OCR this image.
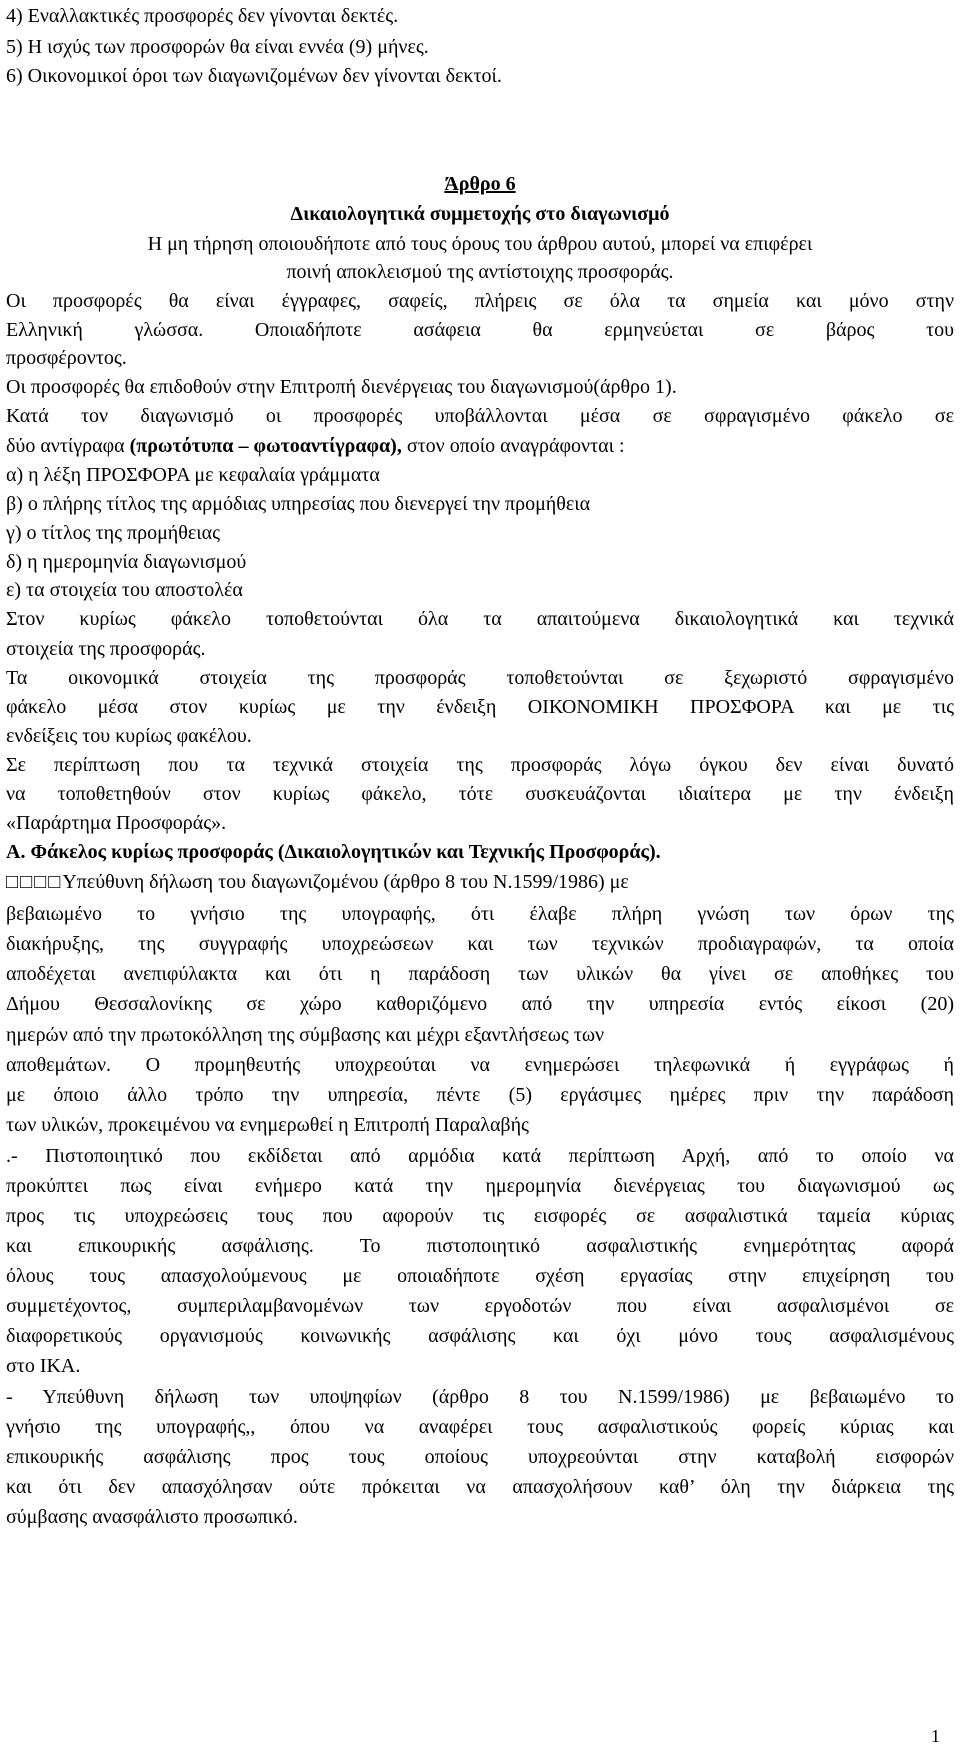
4) Εναλλακτικές προσφορές δεν γίνονται δεκτές.
5) Η ισχύς των προσφορών θα είναι εννέα (9) μήνες.
6) Οικονομικοί όροι των διαγωνιζομένων δεν γίνονται δεκτοί.
Άρθρο 6
Δικαιολογητικά συμμετοχής στο διαγωνισμό
Η μη τήρηση οποιουδήποτε από τους όρους του άρθρου αυτού, μπορεί να επιφέρει
ποινή αποκλεισμού της αντίστοιχης προσφοράς.
Οι προσφορές θα είναι έγγραφες, σαφείς, πλήρεις σε όλα τα σημεία και μόνο στην
Ελληνική γλώσσα. Οποιαδήποτε ασάφεια θα ερμηνεύεται σε βάρος του
προσφέροντος.
Οι προσφορές θα επιδοθούν στην Επιτροπή διενέργειας του διαγωνισμού(άρθρο 1).
Κατά τον διαγωνισμό οι προσφορές υποβάλλονται μέσα σε σφραγισμένο φάκελο σε
δύο αντίγραφα (πρωτότυπα – φωτοαντίγραφα), στον οποίο αναγράφονται :
α) η λέξη ΠΡΟΣΦΟΡΑ με κεφαλαία γράμματα
β) ο πλήρης τίτλος της αρμόδιας υπηρεσίας που διενεργεί την προμήθεια
γ) ο τίτλος της προμήθειας
δ) η ημερομηνία διαγωνισμού
ε) τα στοιχεία του αποστολέα
Στον κυρίως φάκελο τοποθετούνται όλα τα απαιτούμενα δικαιολογητικά και τεχνικά
στοιχεία της προσφοράς.
Τα οικονομικά στοιχεία της προσφοράς τοποθετούνται σε ξεχωριστό σφραγισμένο
φάκελο μέσα στον κυρίως με την ένδειξη ΟΙΚΟΝΟΜΙΚΗ ΠΡΟΣΦΟΡΑ και με τις
ενδείξεις του κυρίως φακέλου.
Σε περίπτωση που τα τεχνικά στοιχεία της προσφοράς λόγω όγκου δεν είναι δυνατό
να τοποθετηθούν στον κυρίως φάκελο, τότε συσκευάζονται ιδιαίτερα με την ένδειξη
«Παράρτημα Προσφοράς».
Α. Φάκελος κυρίως προσφοράς (Δικαιολογητικών και Τεχνικής Προσφοράς).
□□□□Υπεύθυνη δήλωση του διαγωνιζομένου (άρθρο 8 του Ν.1599/1986) με
βεβαιωμένο το γνήσιο της υπογραφής, ότι έλαβε πλήρη γνώση των όρων της
διακήρυξης, της συγγραφής υποχρεώσεων και των τεχνικών προδιαγραφών, τα οποία
αποδέχεται ανεπιφύλακτα και ότι η παράδοση των υλικών θα γίνει σε αποθήκες του
Δήμου Θεσσαλονίκης σε χώρο καθοριζόμενο από την υπηρεσία εντός είκοσι (20)
ημερών από την πρωτοκόλληση της σύμβασης και μέχρι εξαντλήσεως των
αποθεμάτων. Ο προμηθευτής υποχρεούται να ενημερώσει τηλεφωνικά ή εγγράφως ή
με όποιο άλλο τρόπο την υπηρεσία, πέντε (5) εργάσιμες ημέρες πριν την παράδοση
των υλικών, προκειμένου να ενημερωθεί η Επιτροπή Παραλαβής
.- Πιστοποιητικό που εκδίδεται από αρμόδια κατά περίπτωση Αρχή, από το οποίο να
προκύπτει πως είναι ενήμερο κατά την ημερομηνία διενέργειας του διαγωνισμού ως
προς τις υποχρεώσεις τους που αφορούν τις εισφορές σε ασφαλιστικά ταμεία κύριας
και επικουρικής ασφάλισης. Το πιστοποιητικό ασφαλιστικής ενημερότητας αφορά
όλους τους απασχολούμενους με οποιαδήποτε σχέση εργασίας στην επιχείρηση του
συμμετέχοντος, συμπεριλαμβανομένων των εργοδοτών που είναι ασφαλισμένοι σε
διαφορετικούς οργανισμούς κοινωνικής ασφάλισης και όχι μόνο τους ασφαλισμένους
στο ΙΚΑ.
- Υπεύθυνη δήλωση των υποψηφίων (άρθρο 8 του Ν.1599/1986) με βεβαιωμένο το
γνήσιο της υπογραφής,, όπου να αναφέρει τους ασφαλιστικούς φορείς κύριας και
επικουρικής ασφάλισης προς τους οποίους υποχρεούνται στην καταβολή εισφορών
και ότι δεν απασχόλησαν ούτε πρόκειται να απασχολήσουν καθ’ όλη την διάρκεια της
σύμβασης ανασφάλιστο προσωπικό.
1
